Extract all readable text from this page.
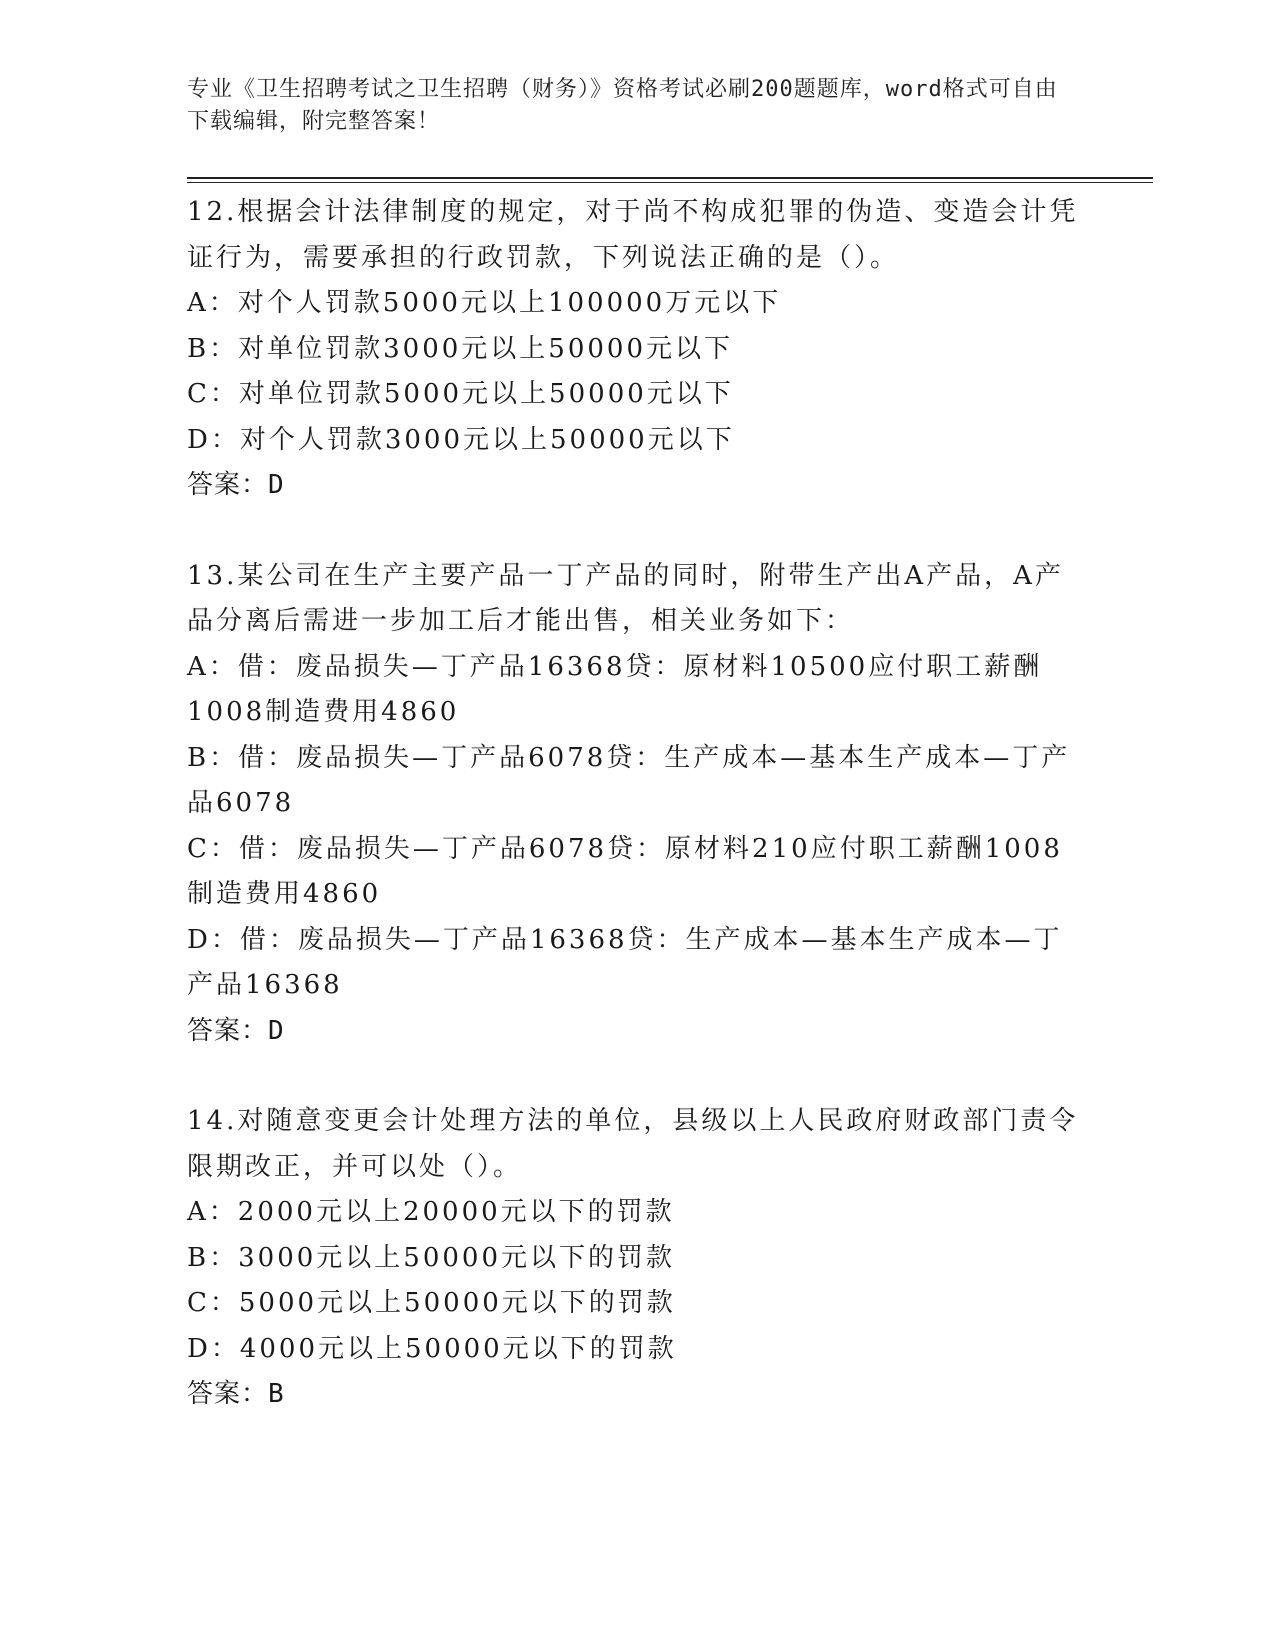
专业《卫生招聘考试之卫生招聘（财务）》资格考试必刷200题题库，word格式可自由下载编辑，附完整答案！

12.根据会计法律制度的规定，对于尚不构成犯罪的伪造、变造会计凭证行为，需要承担的行政罚款，下列说法正确的是（）。

A：对个人罚款5000元以上100000万元以下

B：对单位罚款3000元以上50000元以下

C：对单位罚款5000元以上50000元以下

D：对个人罚款3000元以上50000元以下

答案：D

13.某公司在生产主要产品一丁产品的同时，附带生产出A产品，A产品分离后需进一步加工后才能出售，相关业务如下：

A：借：废品损失—丁产品16368贷：原材料10500应付职工薪酬1008制造费用4860

B：借：废品损失—丁产品6078贷：生产成本—基本生产成本—丁产品6078

C：借：废品损失—丁产品6078贷：原材料210应付职工薪酬1008制造费用4860

D：借：废品损失—丁产品16368贷：生产成本—基本生产成本—丁产品16368

答案：D

14.对随意变更会计处理方法的单位，县级以上人民政府财政部门责令限期改正，并可以处（）。

A：2000元以上20000元以下的罚款

B：3000元以上50000元以下的罚款

C：5000元以上50000元以下的罚款

D：4000元以上50000元以下的罚款

答案：B
